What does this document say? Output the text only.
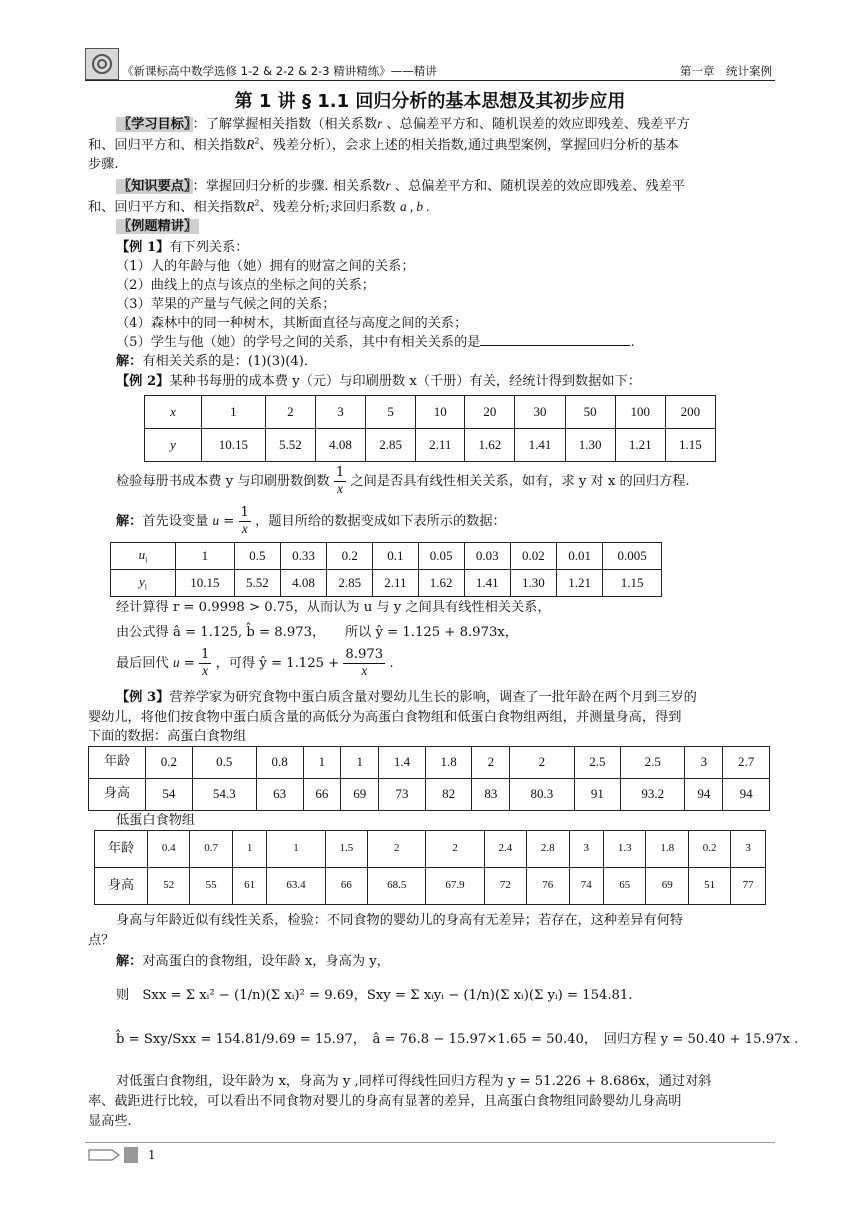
《新课标高中数学选修 1-2 & 2-2 & 2-3 精讲精练》——精讲	第一章　统计案例
第 1 讲 § 1.1 回归分析的基本思想及其初步应用
〖学习目标〗 ：了解掌握相关指数（相关系数r 、总偏差平方和、随机误差的效应即残差、残差平方
和、回归平方和、相关指数$R^2$、残差分析），会求上述的相关指数,通过典型案例，掌握回归分析的基本
步骤.
〖知识要点〗 ：掌握回归分析的步骤. 相关系数r 、总偏差平方和、随机误差的效应即残差、残差平
和、回归平方和、相关指数$R^2$、残差分析;求回归系数 a , b .
〖例题精讲〗
【例 1】有下列关系：
（1）人的年龄与他（她）拥有的财富之间的关系；
（2）曲线上的点与该点的坐标之间的关系；
（3）苹果的产量与气候之间的关系；
（4）森林中的同一种树木，其断面直径与高度之间的关系；
（5）学生与他（她）的学号之间的关系，其中有相关关系的是	.
解：有相关关系的是：(1)(3)(4)．
【例 2】某种书每册的成本费 y（元）与印刷册数 x（千册）有关，经统计得到数据如下：
x	1	2	3	5	10	20	30	50	100	200
y	10.15	5.52	4.08	2.85	2.11	1.62	1.41	1.30	1.21	1.15
检验每册书成本费 y 与印刷册数倒数 $\frac{1}{x}$ 之间是否具有线性相关关系，如有，求 y 对 x 的回归方程.
解：首先设变量 $u = \frac{1}{x}$ ，题目所给的数据变成如下表所示的数据：
$u_i$	1	0.5	0.33	0.2	0.1	0.05	0.03	0.02	0.01	0.005
$y_i$	10.15	5.52	4.08	2.85	2.11	1.62	1.41	1.30	1.21	1.15
经计算得 r = 0.9998 > 0.75，从而认为 u 与 y 之间具有线性相关关系，
由公式得 â = 1.125, b̂ = 8.973，　　所以 ŷ = 1.125 + 8.973x，
最后回代 $u = \frac{1}{x}$ ，可得 ŷ = $1.125 + \frac{8.973}{x}$ .
【例 3】营养学家为研究食物中蛋白质含量对婴幼儿生长的影响，调查了一批年龄在两个月到三岁的
婴幼儿，将他们按食物中蛋白质含量的高低分为高蛋白食物组和低蛋白食物组两组，并测量身高，得到
下面的数据：高蛋白食物组
年龄	0.2	0.5	0.8	1	1	1.4	1.8	2	2	2.5	2.5	3	2.7
身高	54	54.3	63	66	69	73	82	83	80.3	91	93.2	94	94
低蛋白食物组
年龄	0.4	0.7	1	1	1.5	2	2	2.4	2.8	3	1.3	1.8	0.2	3
身高	52	55	61	63.4	66	68.5	67.9	72	76	74	65	69	51	77
身高与年龄近似有线性关系，检验：不同食物的婴幼儿的身高有无差异；若存在，这种差异有何特
点？
解：对高蛋白的食物组，设年龄 x，身高为 y，
则　Sxx = Σ xᵢ² − (1/n)(Σ xᵢ)² = 9.69，Sxy = Σ xᵢyᵢ − (1/n)(Σ xᵢ)(Σ yᵢ) = 154.81.
b̂ = Sxy/Sxx = 154.81/9.69 = 15.97，　â = 76.8 − 15.97×1.65 = 50.40，　回归方程 y = 50.40 + 15.97x .
对低蛋白食物组，设年龄为 x，身高为 y ,同样可得线性回归方程为 y = 51.226 + 8.686x，通过对斜
率、截距进行比较，可以看出不同食物对婴儿的身高有显著的差异，且高蛋白食物组同龄婴幼儿身高明
显高些.
1
